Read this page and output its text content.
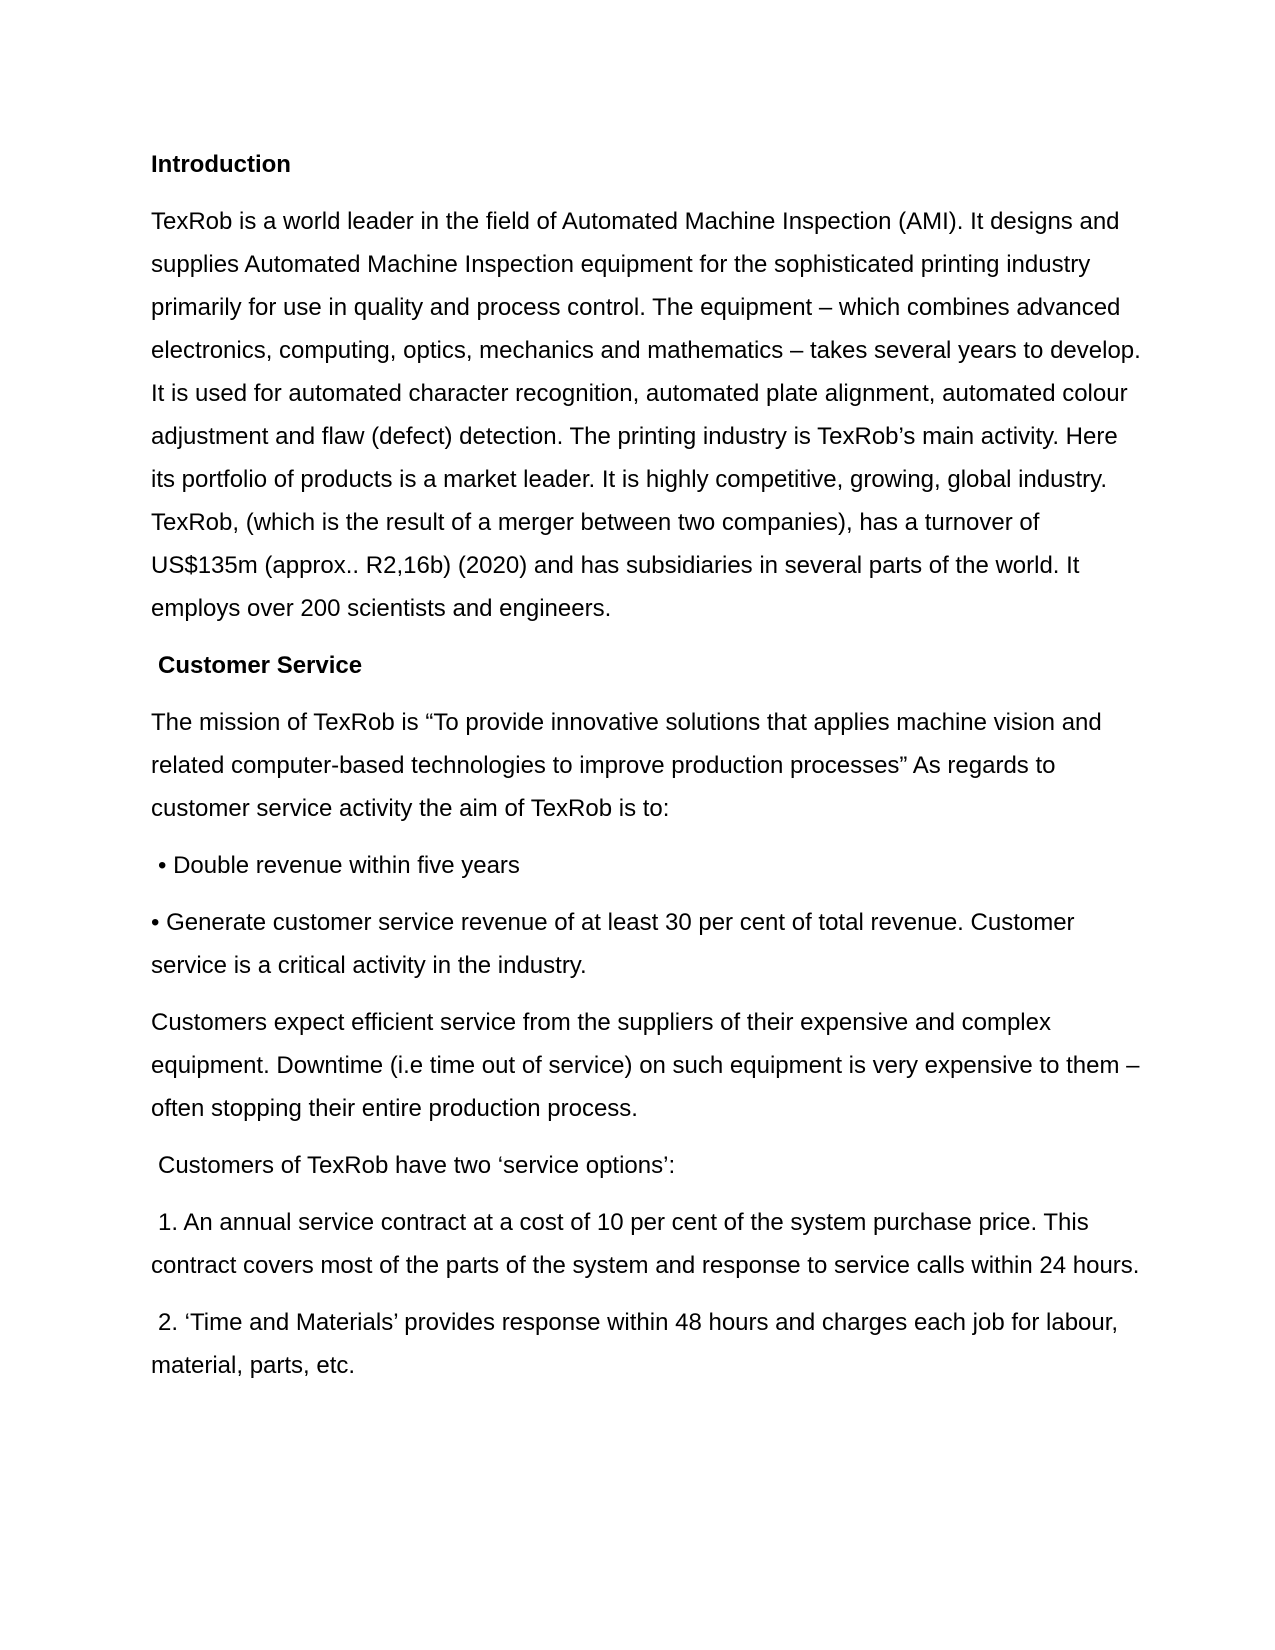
Introduction
TexRob is a world leader in the field of Automated Machine Inspection (AMI). It designs and supplies Automated Machine Inspection equipment for the sophisticated printing industry primarily for use in quality and process control. The equipment – which combines advanced electronics, computing, optics, mechanics and mathematics – takes several years to develop. It is used for automated character recognition, automated plate alignment, automated colour adjustment and flaw (defect) detection. The printing industry is TexRob’s main activity. Here its portfolio of products is a market leader. It is highly competitive, growing, global industry. TexRob, (which is the result of a merger between two companies), has a turnover of US$135m (approx.. R2,16b) (2020) and has subsidiaries in several parts of the world. It employs over 200 scientists and engineers.
Customer Service
The mission of TexRob is “To provide innovative solutions that applies machine vision and related computer-based technologies to improve production processes” As regards to customer service activity the aim of TexRob is to:
• Double revenue within five years
• Generate customer service revenue of at least 30 per cent of total revenue. Customer service is a critical activity in the industry.
Customers expect efficient service from the suppliers of their expensive and complex equipment. Downtime (i.e time out of service) on such equipment is very expensive to them – often stopping their entire production process.
Customers of TexRob have two ‘service options’:
1. An annual service contract at a cost of 10 per cent of the system purchase price. This contract covers most of the parts of the system and response to service calls within 24 hours.
2. ‘Time and Materials’ provides response within 48 hours and charges each job for labour, material, parts, etc.
